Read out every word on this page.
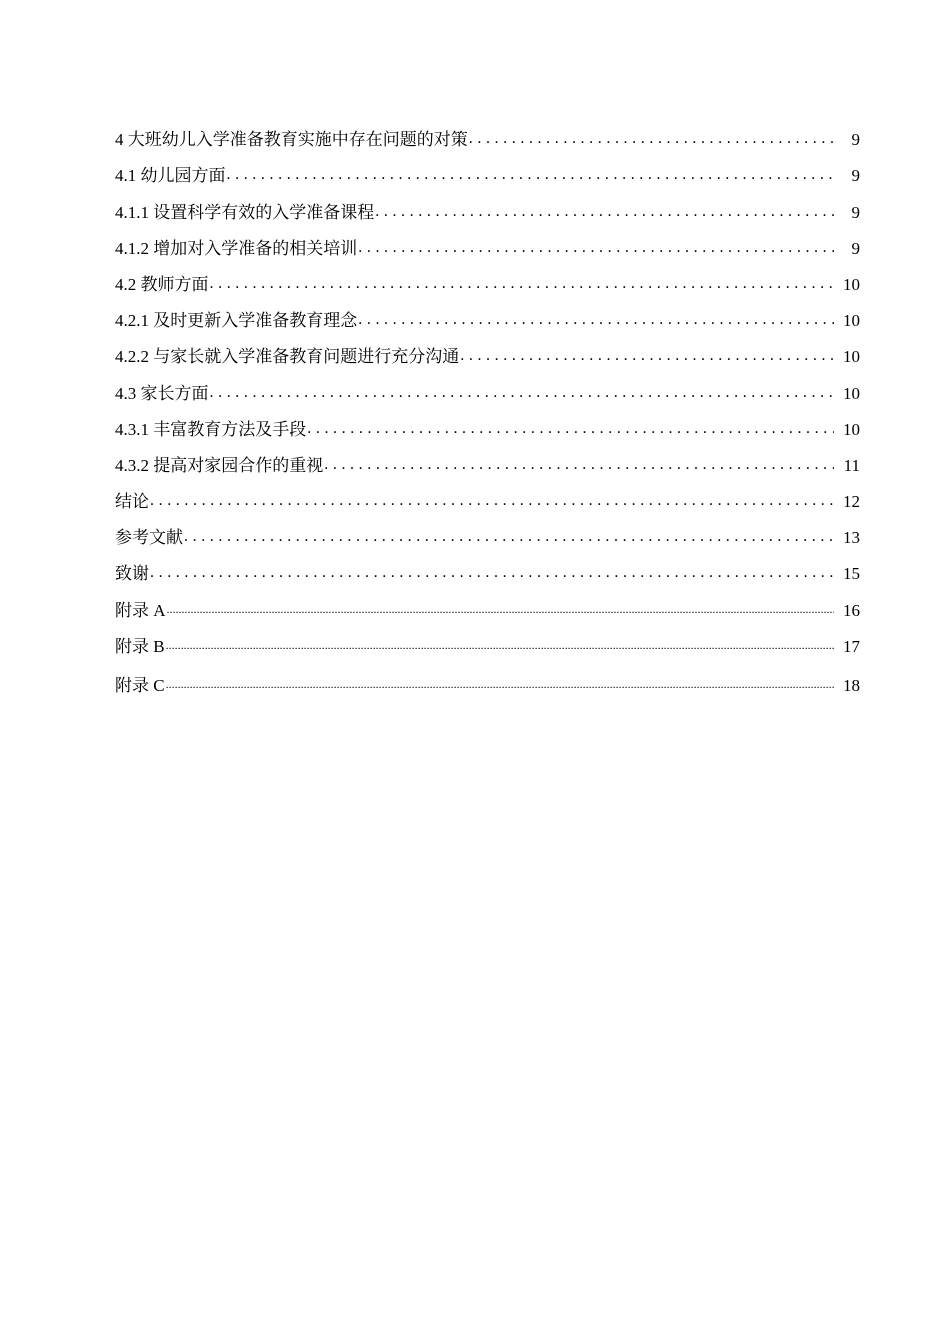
4 大班幼儿入学准备教育实施中存在问题的对策 . . .	9
4.1 幼儿园方面 . . .	9
4.1.1 设置科学有效的入学准备课程 . . .	9
4.1.2 增加对入学准备的相关培训 . . .	9
4.2 教师方面 . . .	10
4.2.1 及时更新入学准备教育理念 . . .	10
4.2.2 与家长就入学准备教育问题进行充分沟通 . . .	10
4.3 家长方面 . . .	10
4.3.1 丰富教育方法及手段 . . .	10
4.3.2 提高对家园合作的重视 . . .	11
结论 . . .	12
参考文献 . . .	13
致谢 . . .	15
附录 A .....	16
附录 B .....	17
附录 C .....	18
